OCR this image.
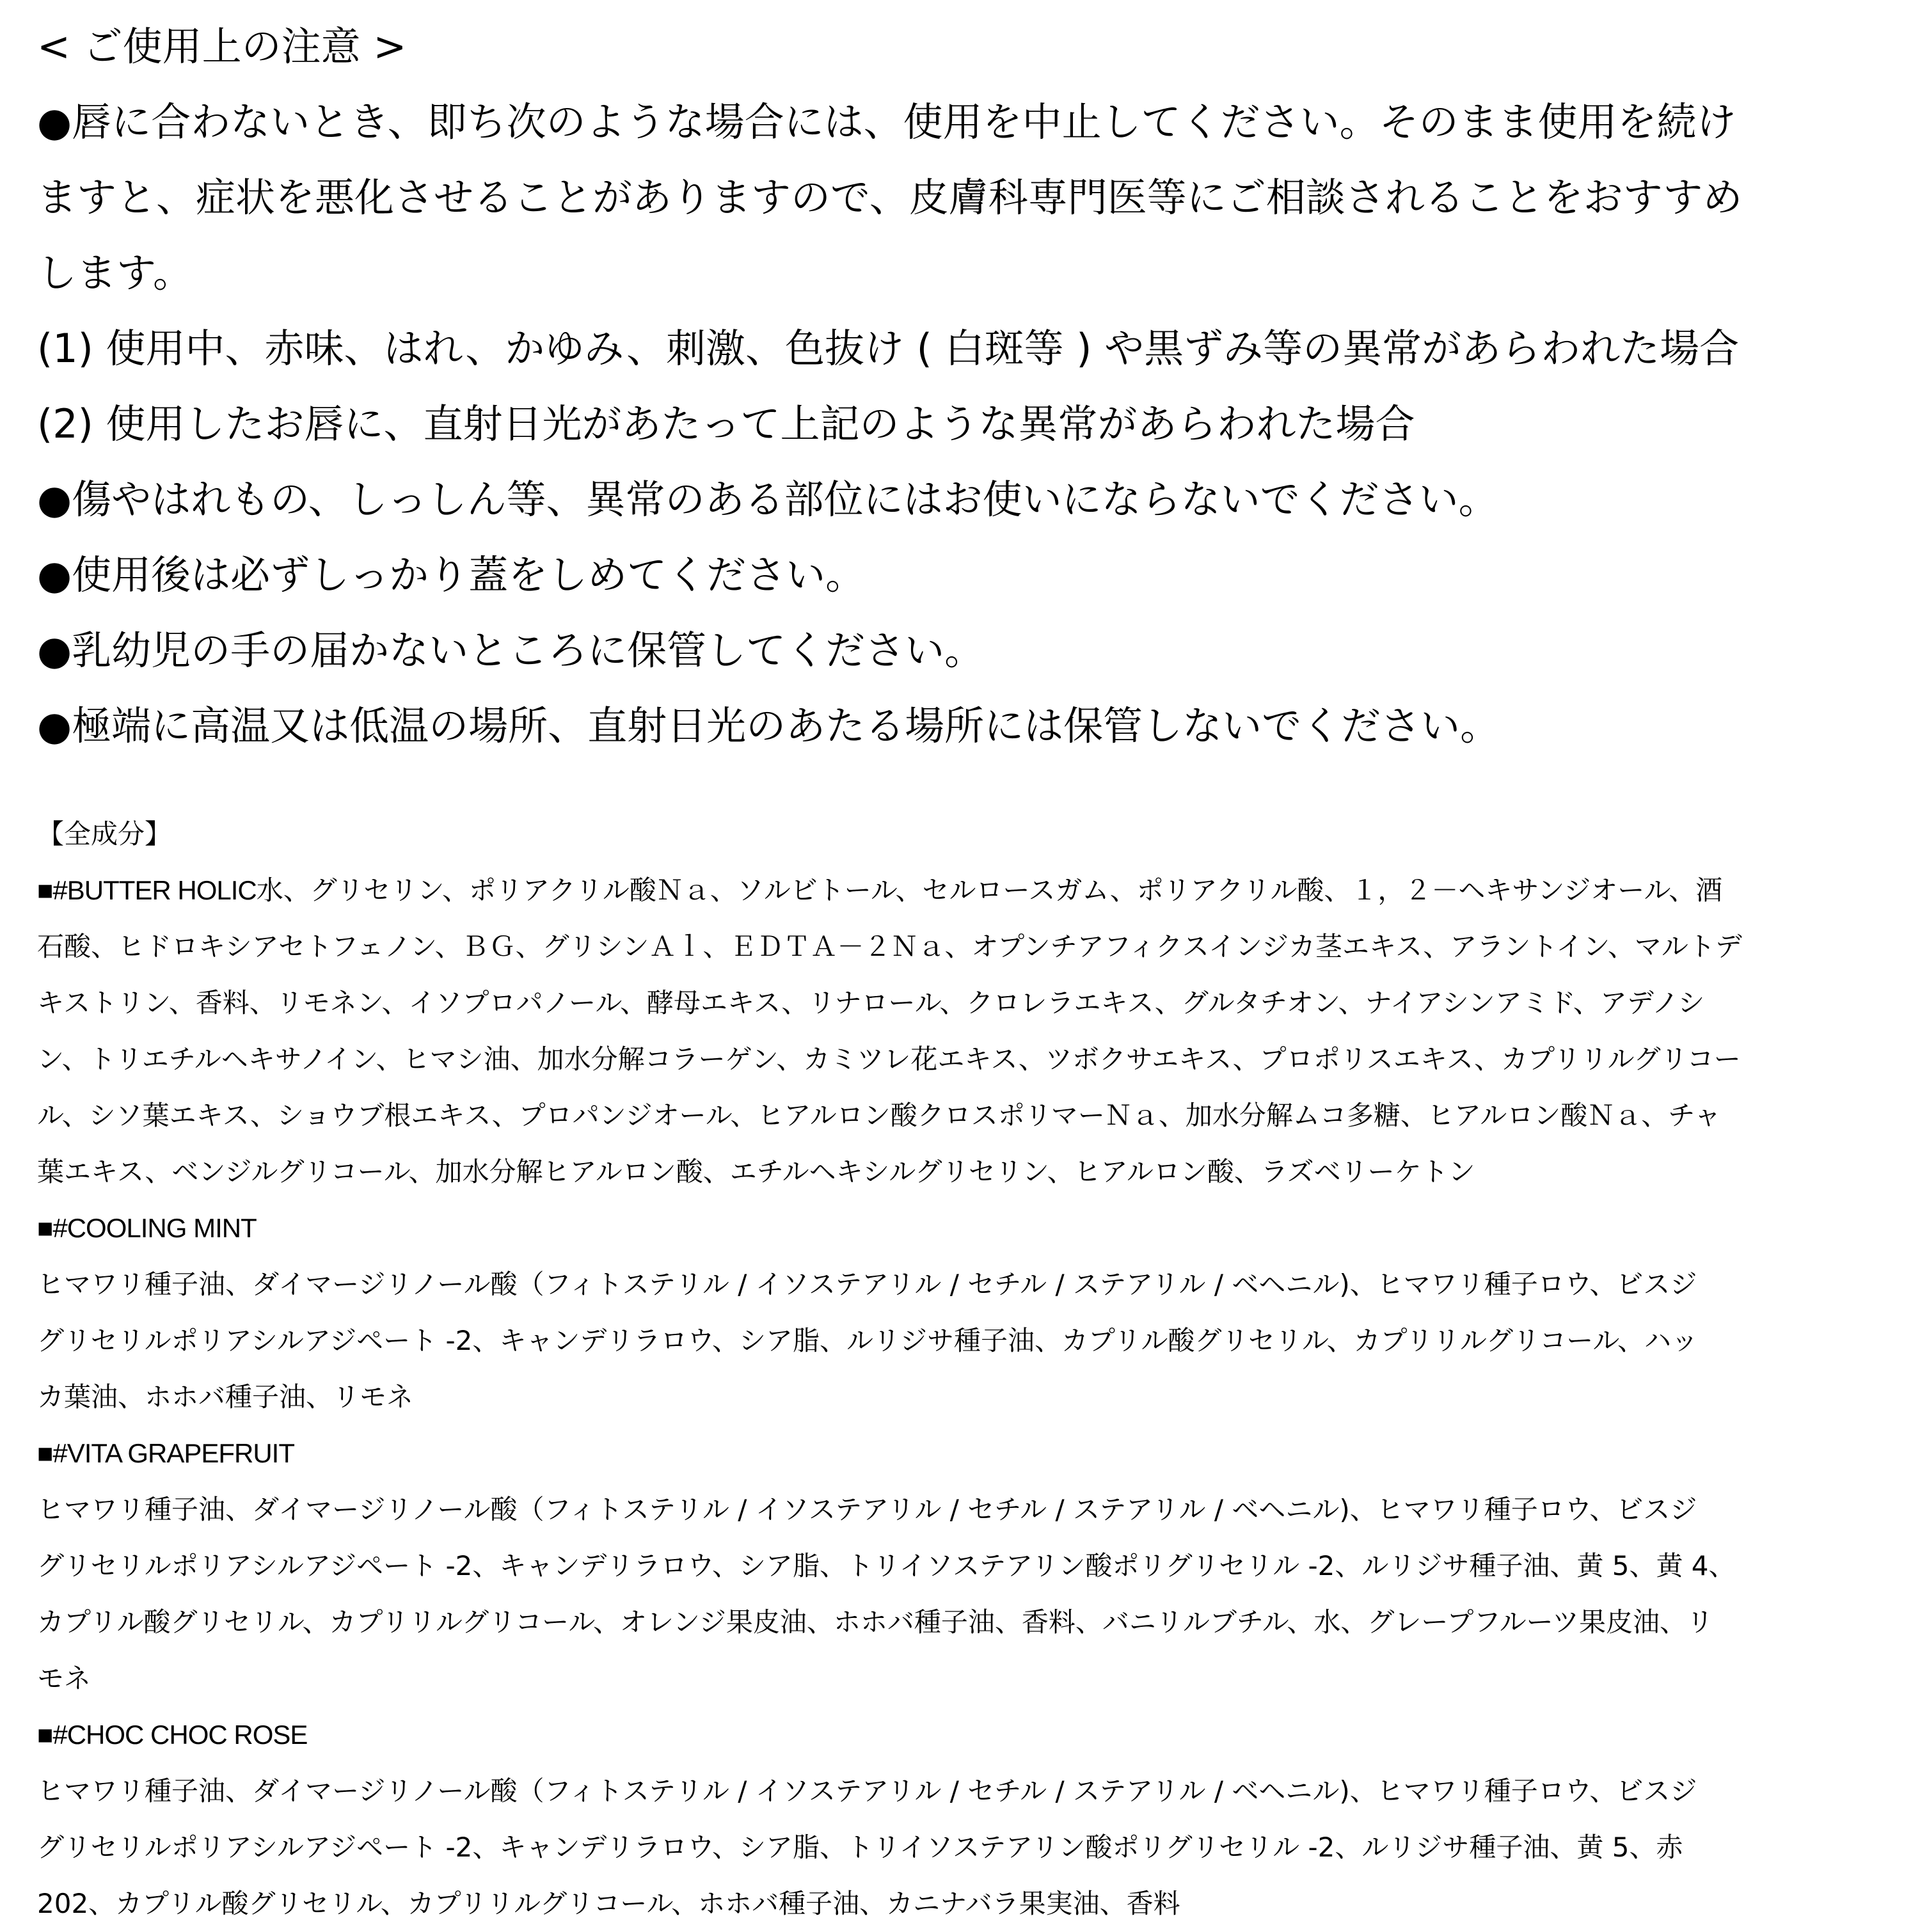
< ご使用上の注意 >

●唇に合わないとき、即ち次のような場合には、使用を中止してください。そのまま使用を続け

ますと、症状を悪化させることがありますので、皮膚科専門医等にご相談されることをおすすめ

します。

(1) 使用中、赤味、はれ、かゆみ、刺激、色抜け ( 白斑等 ) や黒ずみ等の異常があらわれた場合

(2) 使用したお唇に、直射日光があたって上記のような異常があらわれた場合

●傷やはれもの、しっしん等、異常のある部位にはお使いにならないでください。

●使用後は必ずしっかり蓋をしめてください。

●乳幼児の手の届かないところに保管してください。

●極端に高温又は低温の場所、直射日光のあたる場所には保管しないでください。

【全成分】

■#BUTTER HOLIC水、グリセリン、ポリアクリル酸Ｎａ、ソルビトール、セルロースガム、ポリアクリル酸、１，２－ヘキサンジオール、酒

石酸、ヒドロキシアセトフェノン、ＢＧ、グリシンＡｌ、ＥＤＴＡ－２Ｎａ、オプンチアフィクスインジカ茎エキス、アラントイン、マルトデ

キストリン、香料、リモネン、イソプロパノール、酵母エキス、リナロール、クロレラエキス、グルタチオン、ナイアシンアミド、アデノシ

ン、トリエチルヘキサノイン、ヒマシ油、加水分解コラーゲン、カミツレ花エキス、ツボクサエキス、プロポリスエキス、カプリリルグリコー

ル、シソ葉エキス、ショウブ根エキス、プロパンジオール、ヒアルロン酸クロスポリマーＮａ、加水分解ムコ多糖、ヒアルロン酸Ｎａ、チャ

葉エキス、ベンジルグリコール、加水分解ヒアルロン酸、エチルヘキシルグリセリン、ヒアルロン酸、ラズベリーケトン

■#COOLING MINT

ヒマワリ種子油、ダイマージリノール酸（フィトステリル / イソステアリル / セチル / ステアリル / ベヘニル)、ヒマワリ種子ロウ、ビスジ

グリセリルポリアシルアジペート -2、キャンデリラロウ、シア脂、ルリジサ種子油、カプリル酸グリセリル、カプリリルグリコール、ハッ

カ葉油、ホホバ種子油、リモネ

■#VITA GRAPEFRUIT

ヒマワリ種子油、ダイマージリノール酸（フィトステリル / イソステアリル / セチル / ステアリル / ベヘニル)、ヒマワリ種子ロウ、ビスジ

グリセリルポリアシルアジペート -2、キャンデリラロウ、シア脂、トリイソステアリン酸ポリグリセリル -2、ルリジサ種子油、黄 5、黄 4、

カプリル酸グリセリル、カプリリルグリコール、オレンジ果皮油、ホホバ種子油、香料、バニリルブチル、水、グレープフルーツ果皮油、リ

モネ

■#CHOC CHOC ROSE

ヒマワリ種子油、ダイマージリノール酸（フィトステリル / イソステアリル / セチル / ステアリル / ベヘニル)、ヒマワリ種子ロウ、ビスジ

グリセリルポリアシルアジペート -2、キャンデリラロウ、シア脂、トリイソステアリン酸ポリグリセリル -2、ルリジサ種子油、黄 5、赤

202、カプリル酸グリセリル、カプリリルグリコール、ホホバ種子油、カニナバラ果実油、香料
